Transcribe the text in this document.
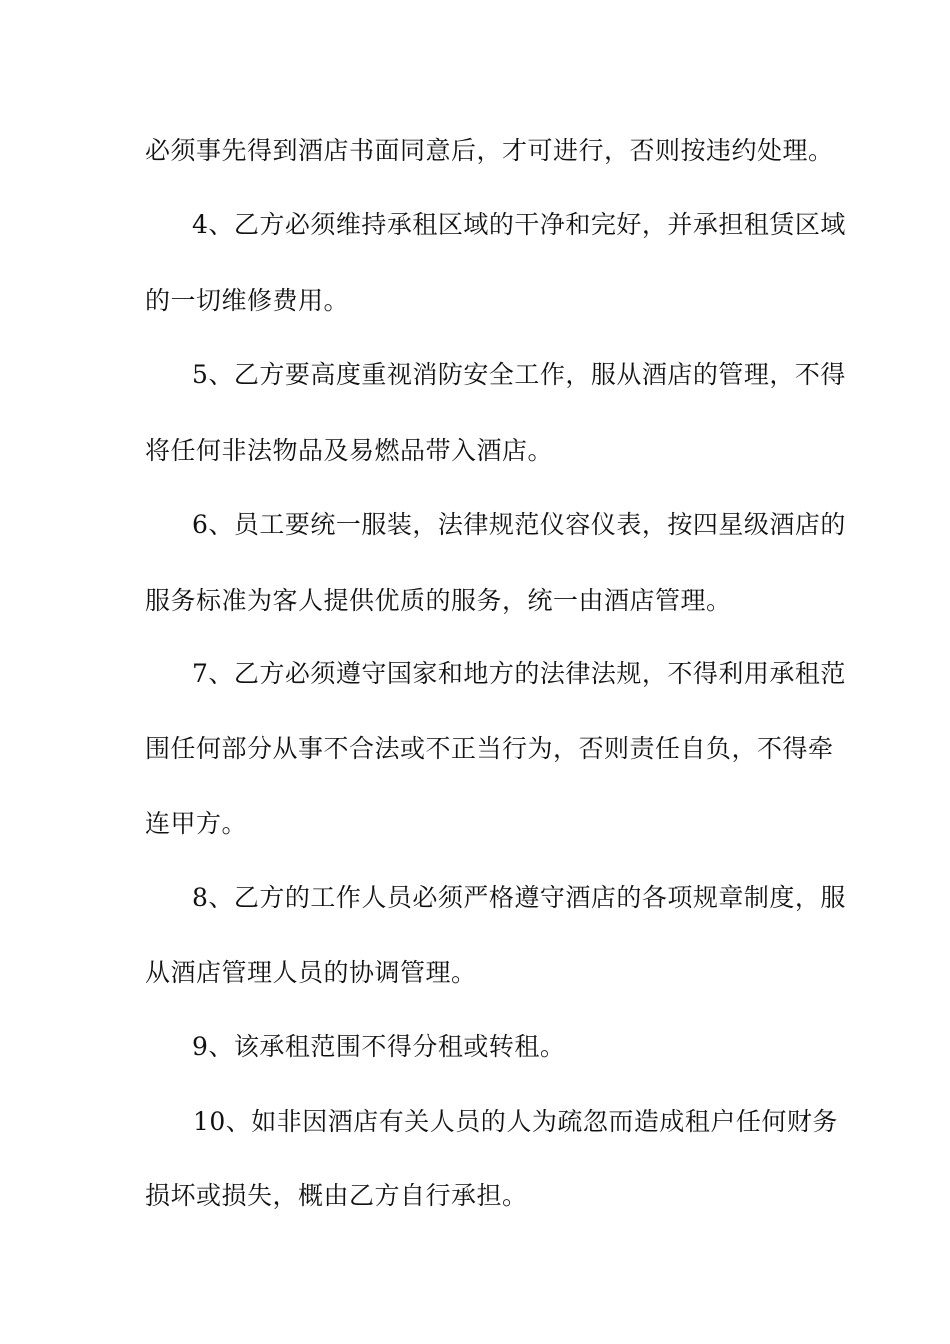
必须事先得到酒店书面同意后，才可进行，否则按违约处理。
4、乙方必须维持承租区域的干净和完好，并承担租赁区域
的一切维修费用。
5、乙方要高度重视消防安全工作，服从酒店的管理，不得
将任何非法物品及易燃品带入酒店。
6、员工要统一服装，法律规范仪容仪表，按四星级酒店的
服务标准为客人提供优质的服务，统一由酒店管理。
7、乙方必须遵守国家和地方的法律法规，不得利用承租范
围任何部分从事不合法或不正当行为，否则责任自负，不得牵
连甲方。
8、乙方的工作人员必须严格遵守酒店的各项规章制度，服
从酒店管理人员的协调管理。
9、该承租范围不得分租或转租。
10、如非因酒店有关人员的人为疏忽而造成租户任何财务
损坏或损失，概由乙方自行承担。
